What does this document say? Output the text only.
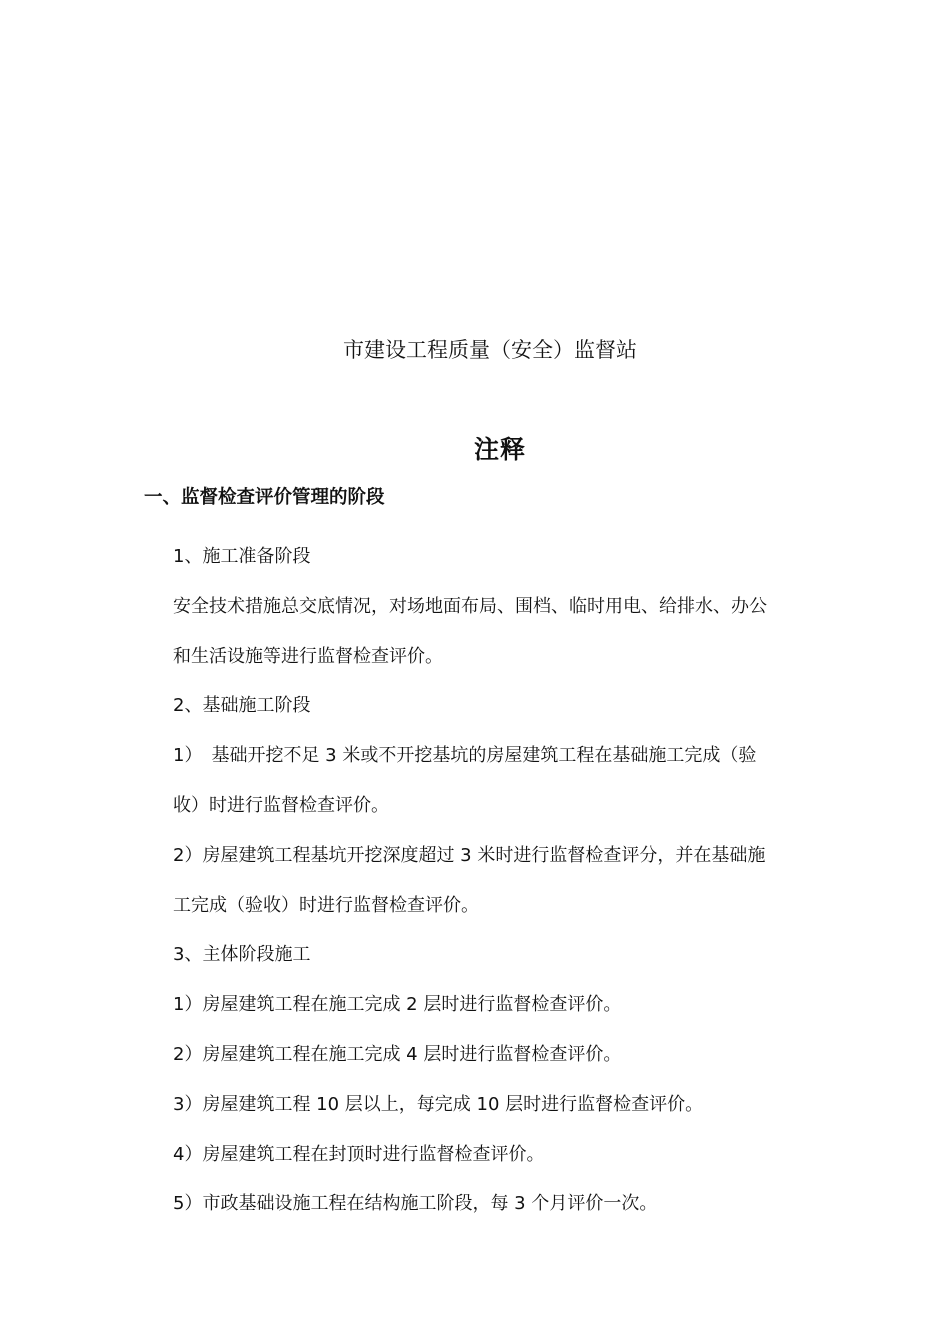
市建设工程质量（安全）监督站
注释
一、监督检查评价管理的阶段

1、施工准备阶段

安全技术措施总交底情况，对场地面布局、围档、临时用电、给排水、办公

和生活设施等进行监督检查评价。

2、基础施工阶段

1）　基础开挖不足 3 米或不开挖基坑的房屋建筑工程在基础施工完成（验

收）时进行监督检查评价。

2）房屋建筑工程基坑开挖深度超过 3 米时进行监督检查评分，并在基础施

工完成（验收）时进行监督检查评价。

3、主体阶段施工

1）房屋建筑工程在施工完成 2 层时进行监督检查评价。

2）房屋建筑工程在施工完成 4 层时进行监督检查评价。

3）房屋建筑工程 10 层以上，每完成 10 层时进行监督检查评价。

4）房屋建筑工程在封顶时进行监督检查评价。

5）市政基础设施工程在结构施工阶段，每 3 个月评价一次。
